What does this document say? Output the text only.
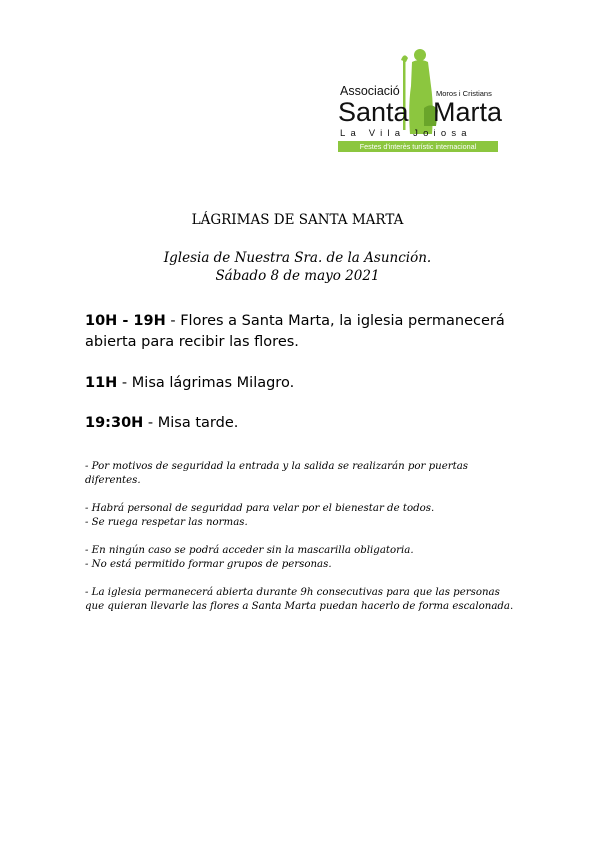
Associació	Moros i Cristians
Santa Marta
La Vila Joiosa
Festes d'interès turístic internacional
LÁGRIMAS DE SANTA MARTA
Iglesia de Nuestra Sra. de la Asunción.
Sábado 8 de mayo 2021
10H - 19H - Flores a Santa Marta, la iglesia permanecerá abierta para recibir las flores.
11H - Misa lágrimas Milagro.
19:30H - Misa tarde.

- Por motivos de seguridad la entrada y la salida se realizarán por puertas diferentes.

- Habrá personal de seguridad para velar por el bienestar de todos.

- Se ruega respetar las normas.

- En ningún caso se podrá acceder sin la mascarilla obligatoria.

- No está permitido formar grupos de personas.

- La iglesia permanecerá abierta durante 9h consecutivas para que las personas que quieran llevarle las flores a Santa Marta puedan hacerlo de forma escalonada.
